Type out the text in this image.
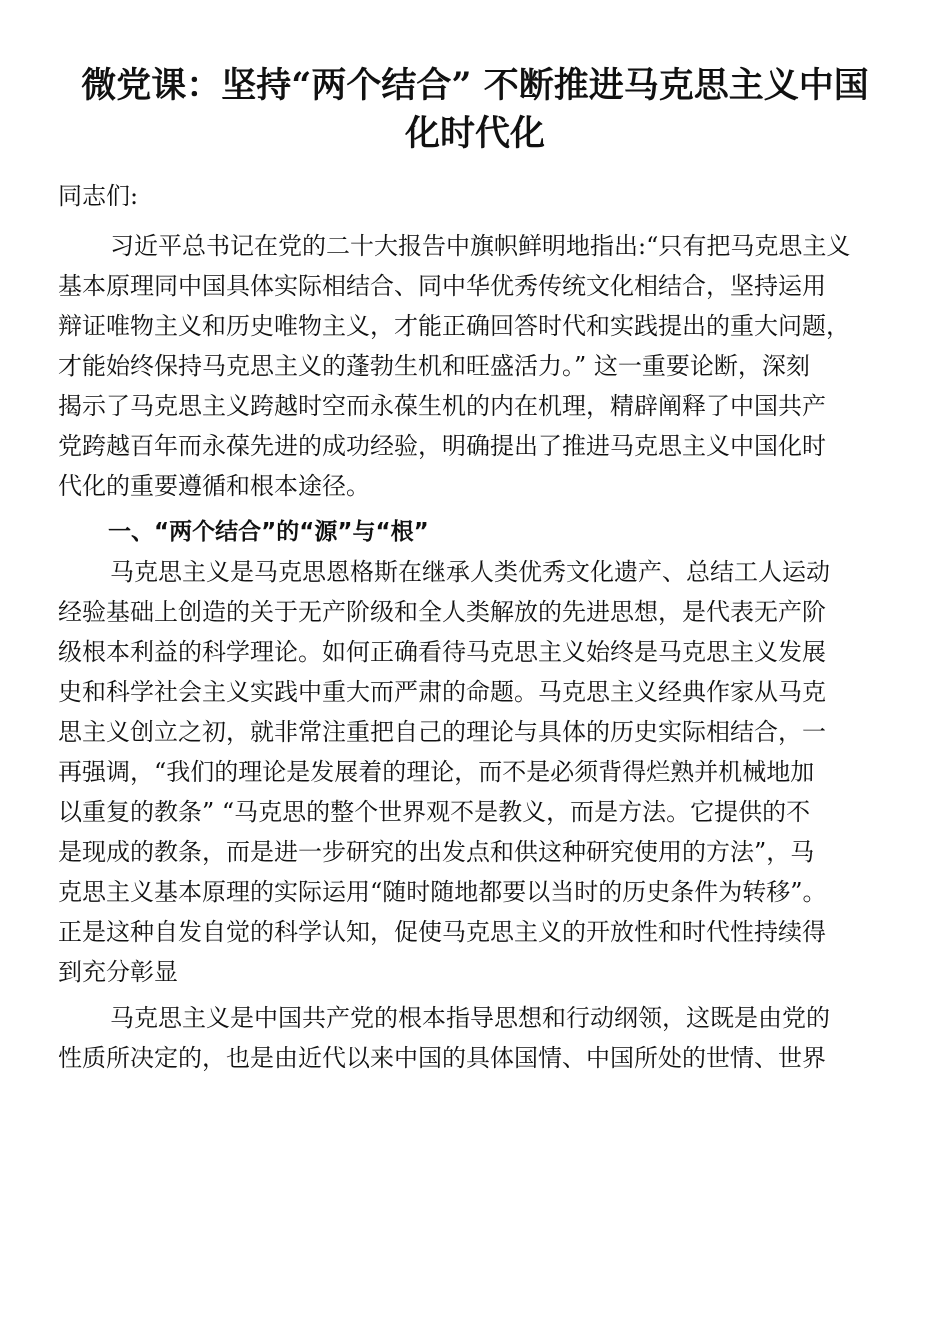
微党课：坚持“两个结合” 不断推进马克思主义中国
化时代化
同志们:
习近平总书记在党的二十大报告中旗帜鲜明地指出:“只有把马克思主义
基本原理同中国具体实际相结合、同中华优秀传统文化相结合，坚持运用
辩证唯物主义和历史唯物主义，才能正确回答时代和实践提出的重大问题，
才能始终保持马克思主义的蓬勃生机和旺盛活力。” 这一重要论断，深刻
揭示了马克思主义跨越时空而永葆生机的内在机理，精辟阐释了中国共产
党跨越百年而永葆先进的成功经验，明确提出了推进马克思主义中国化时
代化的重要遵循和根本途径。
一、“两个结合”的“源”与“根”
马克思主义是马克思恩格斯在继承人类优秀文化遗产、总结工人运动
经验基础上创造的关于无产阶级和全人类解放的先进思想，是代表无产阶
级根本利益的科学理论。如何正确看待马克思主义始终是马克思主义发展
史和科学社会主义实践中重大而严肃的命题。马克思主义经典作家从马克
思主义创立之初，就非常注重把自己的理论与具体的历史实际相结合，一
再强调，“我们的理论是发展着的理论，而不是必须背得烂熟并机械地加
以重复的教条” “马克思的整个世界观不是教义，而是方法。它提供的不
是现成的教条，而是进一步研究的出发点和供这种研究使用的方法”，马
克思主义基本原理的实际运用“随时随地都要以当时的历史条件为转移”。
正是这种自发自觉的科学认知，促使马克思主义的开放性和时代性持续得
到充分彰显
马克思主义是中国共产党的根本指导思想和行动纲领，这既是由党的
性质所决定的，也是由近代以来中国的具体国情、中国所处的世情、世界
